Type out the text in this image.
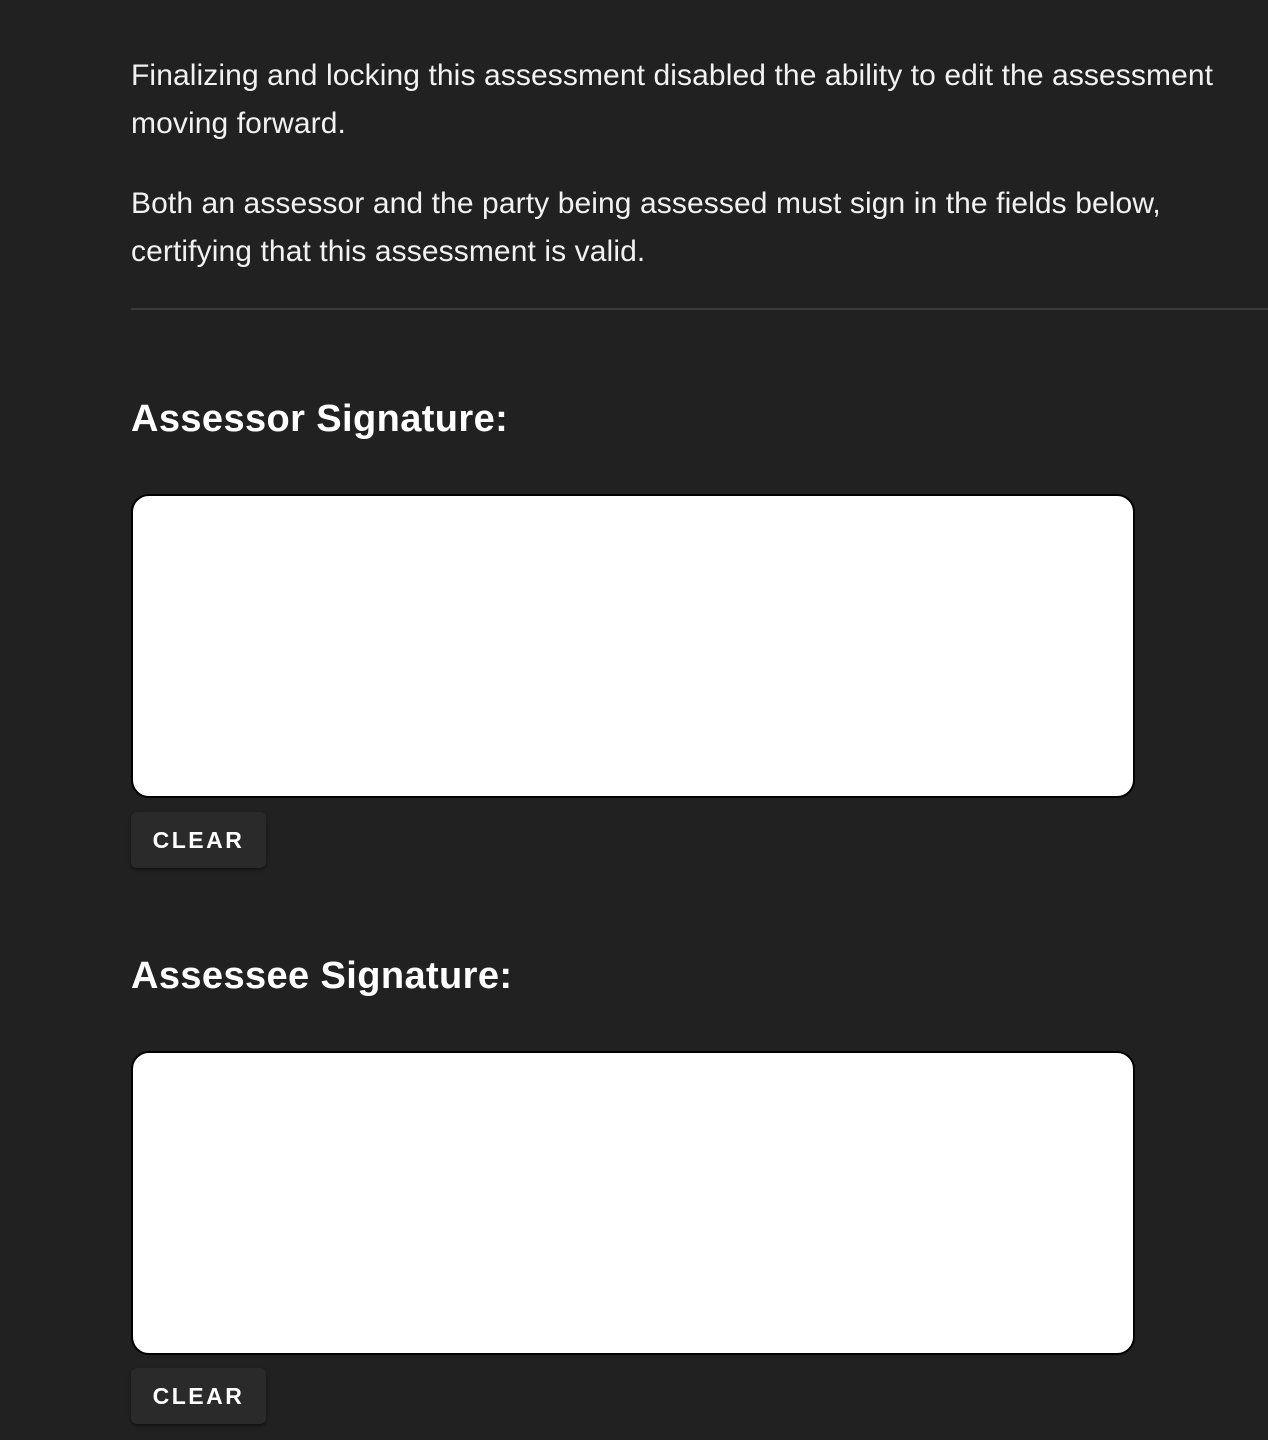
Finalizing and locking this assessment disabled the ability to edit the assessment moving forward.

Both an assessor and the party being assessed must sign in the fields below, certifying that this assessment is valid.

Assessor Signature:
CLEAR
Assessee Signature:
CLEAR
